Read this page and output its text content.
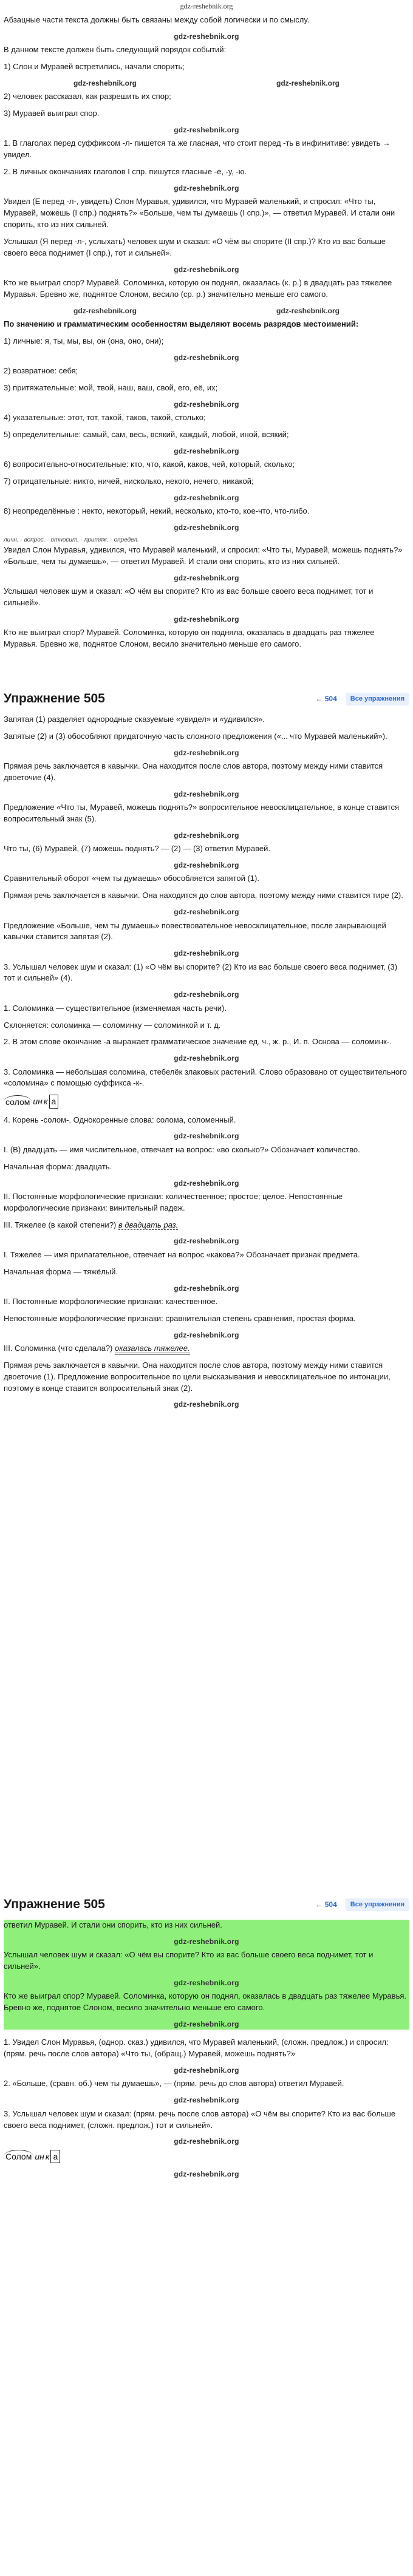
gdz-reshebnik.org

Абзацные части текста должны быть связаны между собой логически и по смыслу.

gdz-reshebnik.org

В данном тексте должен быть следующий порядок событий:

1) Слон и Муравей встретились, начали спорить;

gdz-reshebnik.org	gdz-reshebnik.org

2) человек рассказал, как разрешить их спор;

3) Муравей выиграл спор.

gdz-reshebnik.org

1. В глаголах перед суффиксом -л- пишется та же гласная, что стоит перед -ть в инфинитиве: увидеть → увидел.

2. В личных окончаниях глаголов I спр. пишутся гласные -е, -у, -ю.

gdz-reshebnik.org

Увидел (Е перед -л-, увидеть) Слон Муравья, удивился, что Муравей маленький, и спросил: «Что ты, Муравей, можешь (I спр.) поднять?» «Больше, чем ты думаешь (I спр.)», — ответил Муравей. И стали они спорить, кто из них сильней.

Услышал (Я перед -л-, услыхать) человек шум и сказал: «О чём вы спорите (II спр.)? Кто из вас больше своего веса поднимет (I спр.), тот и сильней».

gdz-reshebnik.org

Кто же выиграл спор? Муравей. Соломинка, которую он поднял, оказалась (к. р.) в двадцать раз тяжелее Муравья. Бревно же, поднятое Слоном, весило (ср. р.) значительно меньше его самого.

gdz-reshebnik.org	gdz-reshebnik.org

По значению и грамматическим особенностям выделяют восемь разрядов местоимений:

1) личные: я, ты, мы, вы, он (она, оно, они);

gdz-reshebnik.org

2) возвратное: себя;

3) притяжательные: мой, твой, наш, ваш, свой, его, её, их;

gdz-reshebnik.org

4) указательные: этот, тот, такой, таков, такой, столько;

5) определительные: самый, сам, весь, всякий, каждый, любой, иной, всякий;

gdz-reshebnik.org

6) вопросительно-относительные: кто, что, какой, каков, чей, который, сколько;

7) отрицательные: никто, ничей, нисколько, некого, нечего, никакой;

gdz-reshebnik.org

8) неопределённые : некто, некоторый, некий, несколько, кто-то, кое-что, что-либо.

gdz-reshebnik.org
личн. · вопрос. · относит. · притяж. · определ.

Увидел Слон Муравья, удивился, что Муравей маленький, и спросил: «Что ты, Муравей, можешь поднять?» «Больше, чем ты думаешь», — ответил Муравей. И стали они спорить, кто из них сильней.

gdz-reshebnik.org

Услышал человек шум и сказал: «О чём вы спорите? Кто из вас больше своего веса поднимет, тот и сильней».

gdz-reshebnik.org

Кто же выиграл спор? Муравей. Соломинка, которую он подняла, оказалась в двадцать раз тяжелее Муравья. Бревно же, поднятое Слоном, весило значительно меньше его самого.

Упражнение 505	← 504	Все упражнения

Запятая (1) разделяет однородные сказуемые «увидел» и «удивился».

Запятые (2) и (3) обособляют придаточную часть сложного предложения («... что Муравей маленький»).

gdz-reshebnik.org

Прямая речь заключается в кавычки. Она находится после слов автора, поэтому между ними ставится двоеточие (4).

gdz-reshebnik.org

Предложение «Что ты, Муравей, можешь поднять?» вопросительное невосклицательное, в конце ставится вопросительный знак (5).

gdz-reshebnik.org

Что ты, (6) Муравей, (7) можешь поднять? — (2) — (3) ответил Муравей.

gdz-reshebnik.org

Сравнительный оборот «чем ты думаешь» обособляется запятой (1).

Прямая речь заключается в кавычки. Она находится до слов автора, поэтому между ними ставится тире (2).

gdz-reshebnik.org

Предложение «Больше, чем ты думаешь» повествовательное невосклицательное, после закрывающей кавычки ставится запятая (2).

gdz-reshebnik.org

3. Услышал человек шум и сказал: (1) «О чём вы спорите? (2) Кто из вас больше своего веса поднимет, (3) тот и сильней» (4).

gdz-reshebnik.org

1. Соломинка — существительное (изменяемая часть речи).

Склоняется: соломинка — соломинку — соломинкой и т. д.

2. В этом слове окончание -а выражает грамматическое значение ед. ч., ж. р., И. п. Основа — соломинк-.

gdz-reshebnik.org

3. Соломинка — небольшая соломина, стебелёк злаковых растений. Слово образовано от существительного «соломина» с помощью суффикса -к-.

солом ин к а

4. Корень -солом-. Однокоренные слова: солома, соломенный.

gdz-reshebnik.org

I. (В) двадцать — имя числительное, отвечает на вопрос: «во сколько?» Обозначает количество.

Начальная форма: двадцать.

gdz-reshebnik.org

II. Постоянные морфологические признаки: количественное; простое; целое. Непостоянные морфологические признаки: винительный падеж.

III. Тяжелее (в какой степени?) в двадцать раз.

gdz-reshebnik.org

I. Тяжелее — имя прилагательное, отвечает на вопрос «какова?» Обозначает признак предмета.

Начальная форма — тяжёлый.

gdz-reshebnik.org

II. Постоянные морфологические признаки: качественное.

Непостоянные морфологические признаки: сравнительная степень сравнения, простая форма.

gdz-reshebnik.org

III. Соломинка (что сделала?) оказалась тяжелее.

Прямая речь заключается в кавычки. Она находится после слов автора, поэтому между ними ставится двоеточие (1). Предложение вопросительное по цели высказывания и невосклицательное по интонации, поэтому в конце ставится вопросительный знак (2).

gdz-reshebnik.org
Упражнение 505	← 504	Все упражнения

ответил Муравей. И стали они спорить, кто из них сильней.

gdz-reshebnik.org

Услышал человек шум и сказал: «О чём вы спорите? Кто из вас больше своего веса поднимет, тот и сильней».

gdz-reshebnik.org

Кто же выиграл спор? Муравей. Соломинка, которую он поднял, оказалась в двадцать раз тяжелее Муравья. Бревно же, поднятое Слоном, весило значительно меньше его самого.

gdz-reshebnik.org

1. Увидел Слон Муравья, (однор. сказ.) удивился, что Муравей маленький, (сложн. предлож.) и спросил: (прям. речь после слов автора) «Что ты, (обращ.) Муравей, можешь поднять?»

gdz-reshebnik.org

2. «Больше, (сравн. об.) чем ты думаешь», — (прям. речь до слов автора) ответил Муравей.

gdz-reshebnik.org

3. Услышал человек шум и сказал: (прям. речь после слов автора) «О чём вы спорите? Кто из вас больше своего веса поднимет, (сложн. предлож.) тот и сильней».

gdz-reshebnik.org
Солом ин к а
gdz-reshebnik.org
